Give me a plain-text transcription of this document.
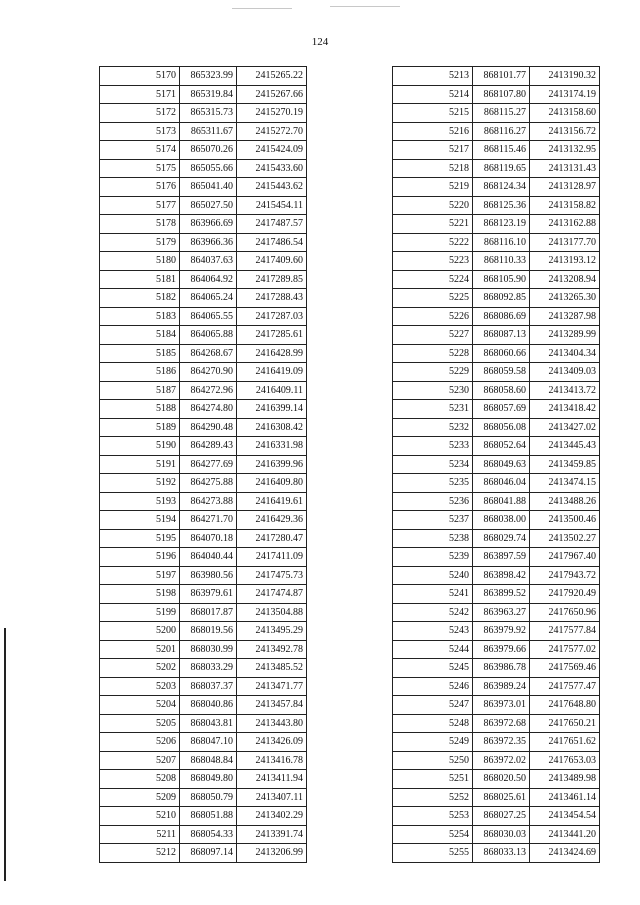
124
5170	865323.99	2415265.22
5171	865319.84	2415267.66
5172	865315.73	2415270.19
5173	865311.67	2415272.70
5174	865070.26	2415424.09
5175	865055.66	2415433.60
5176	865041.40	2415443.62
5177	865027.50	2415454.11
5178	863966.69	2417487.57
5179	863966.36	2417486.54
5180	864037.63	2417409.60
5181	864064.92	2417289.85
5182	864065.24	2417288.43
5183	864065.55	2417287.03
5184	864065.88	2417285.61
5185	864268.67	2416428.99
5186	864270.90	2416419.09
5187	864272.96	2416409.11
5188	864274.80	2416399.14
5189	864290.48	2416308.42
5190	864289.43	2416331.98
5191	864277.69	2416399.96
5192	864275.88	2416409.80
5193	864273.88	2416419.61
5194	864271.70	2416429.36
5195	864070.18	2417280.47
5196	864040.44	2417411.09
5197	863980.56	2417475.73
5198	863979.61	2417474.87
5199	868017.87	2413504.88
5200	868019.56	2413495.29
5201	868030.99	2413492.78
5202	868033.29	2413485.52
5203	868037.37	2413471.77
5204	868040.86	2413457.84
5205	868043.81	2413443.80
5206	868047.10	2413426.09
5207	868048.84	2413416.78
5208	868049.80	2413411.94
5209	868050.79	2413407.11
5210	868051.88	2413402.29
5211	868054.33	2413391.74
5212	868097.14	2413206.99
5213	868101.77	2413190.32
5214	868107.80	2413174.19
5215	868115.27	2413158.60
5216	868116.27	2413156.72
5217	868115.46	2413132.95
5218	868119.65	2413131.43
5219	868124.34	2413128.97
5220	868125.36	2413158.82
5221	868123.19	2413162.88
5222	868116.10	2413177.70
5223	868110.33	2413193.12
5224	868105.90	2413208.94
5225	868092.85	2413265.30
5226	868086.69	2413287.98
5227	868087.13	2413289.99
5228	868060.66	2413404.34
5229	868059.58	2413409.03
5230	868058.60	2413413.72
5231	868057.69	2413418.42
5232	868056.08	2413427.02
5233	868052.64	2413445.43
5234	868049.63	2413459.85
5235	868046.04	2413474.15
5236	868041.88	2413488.26
5237	868038.00	2413500.46
5238	868029.74	2413502.27
5239	863897.59	2417967.40
5240	863898.42	2417943.72
5241	863899.52	2417920.49
5242	863963.27	2417650.96
5243	863979.92	2417577.84
5244	863979.66	2417577.02
5245	863986.78	2417569.46
5246	863989.24	2417577.47
5247	863973.01	2417648.80
5248	863972.68	2417650.21
5249	863972.35	2417651.62
5250	863972.02	2417653.03
5251	868020.50	2413489.98
5252	868025.61	2413461.14
5253	868027.25	2413454.54
5254	868030.03	2413441.20
5255	868033.13	2413424.69
